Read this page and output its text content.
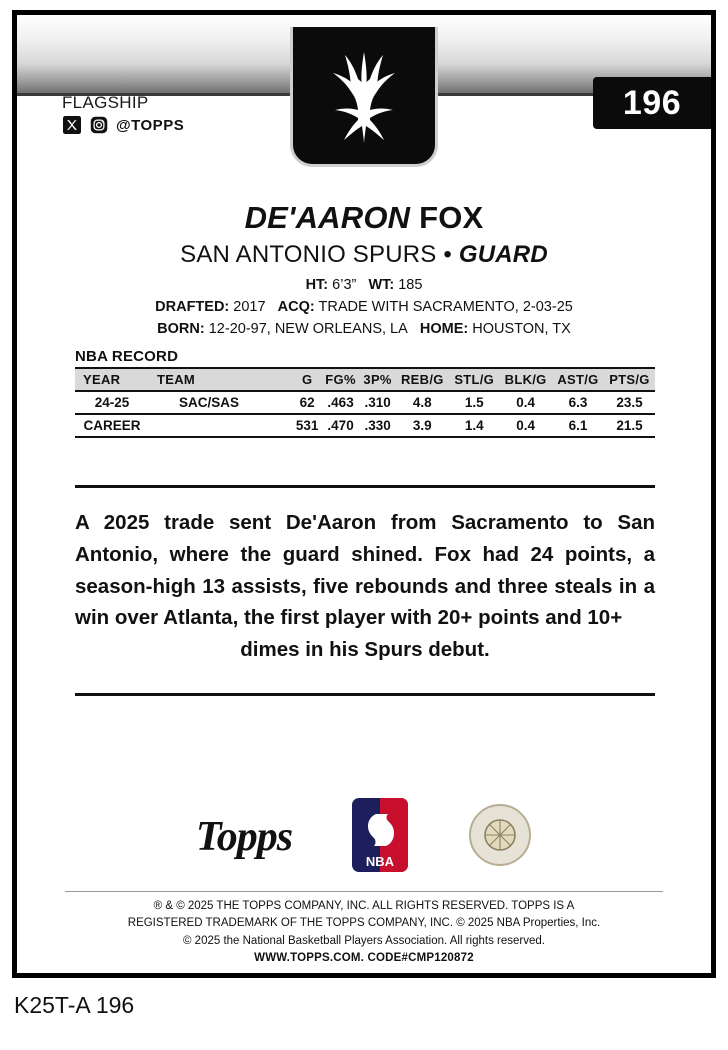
FLAGSHIP
@TOPPS
196
DE'AARON FOX
SAN ANTONIO SPURS • GUARD
HT: 6’3” WT: 185
DRAFTED: 2017 ACQ: TRADE WITH SACRAMENTO, 2-03-25
BORN: 12-20-97, NEW ORLEANS, LA HOME: HOUSTON, TX
NBA RECORD
YEAR	TEAM		G	FG%	3P%	REB/G	STL/G	BLK/G	AST/G	PTS/G
24-25	SAC/SAS		62	.463	.310	4.8	1.5	0.4	6.3	23.5
CAREER			531	.470	.330	3.9	1.4	0.4	6.1	21.5
A 2025 trade sent De'Aaron from Sacramento to San Antonio, where the guard shined. Fox had 24 points, a season-high 13 assists, five rebounds and three steals in a win over Atlanta, the first player with 20+ points and 10+
dimes in his Spurs debut.
Topps
NBA
® & © 2025 THE TOPPS COMPANY, INC. ALL RIGHTS RESERVED. TOPPS IS A
REGISTERED TRADEMARK OF THE TOPPS COMPANY, INC. © 2025 NBA Properties, Inc.
© 2025 the National Basketball Players Association. All rights reserved.
WWW.TOPPS.COM. CODE#CMP120872
K25T-A 196
